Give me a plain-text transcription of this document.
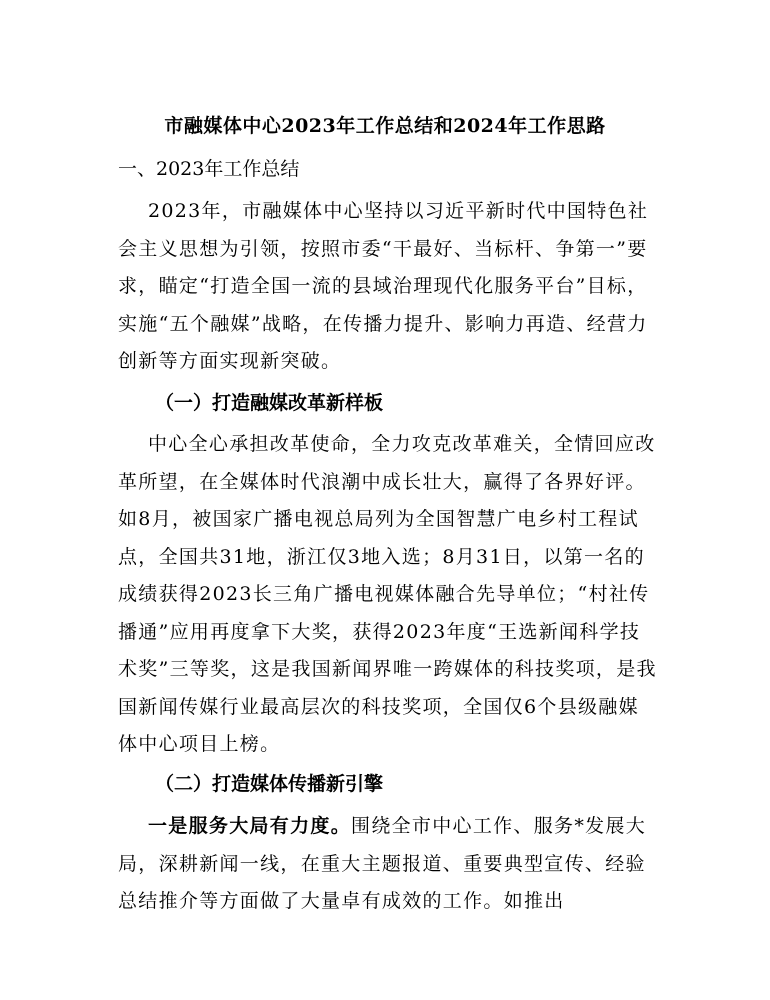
市融媒体中心2023年工作总结和2024年工作思路
一、2023年工作总结
2023年，市融媒体中心坚持以习近平新时代中国特色社会主义思想为引领，按照市委“干最好、当标杆、争第一”要求，瞄定“打造全国一流的县域治理现代化服务平台”目标，实施“五个融媒”战略，在传播力提升、影响力再造、经营力创新等方面实现新突破。
（一）打造融媒改革新样板
中心全心承担改革使命，全力攻克改革难关，全情回应改革所望，在全媒体时代浪潮中成长壮大，赢得了各界好评。如8月，被国家广播电视总局列为全国智慧广电乡村工程试点，全国共31地，浙江仅3地入选；8月31日，以第一名的成绩获得2023长三角广播电视媒体融合先导单位；“村社传播通”应用再度拿下大奖，获得2023年度“王选新闻科学技术奖”三等奖，这是我国新闻界唯一跨媒体的科技奖项，是我国新闻传媒行业最高层次的科技奖项，全国仅6个县级融媒体中心项目上榜。
（二）打造媒体传播新引擎
一是服务大局有力度。围绕全市中心工作、服务*发展大局，深耕新闻一线，在重大主题报道、重要典型宣传、经验总结推介等方面做了大量卓有成效的工作。如推出
